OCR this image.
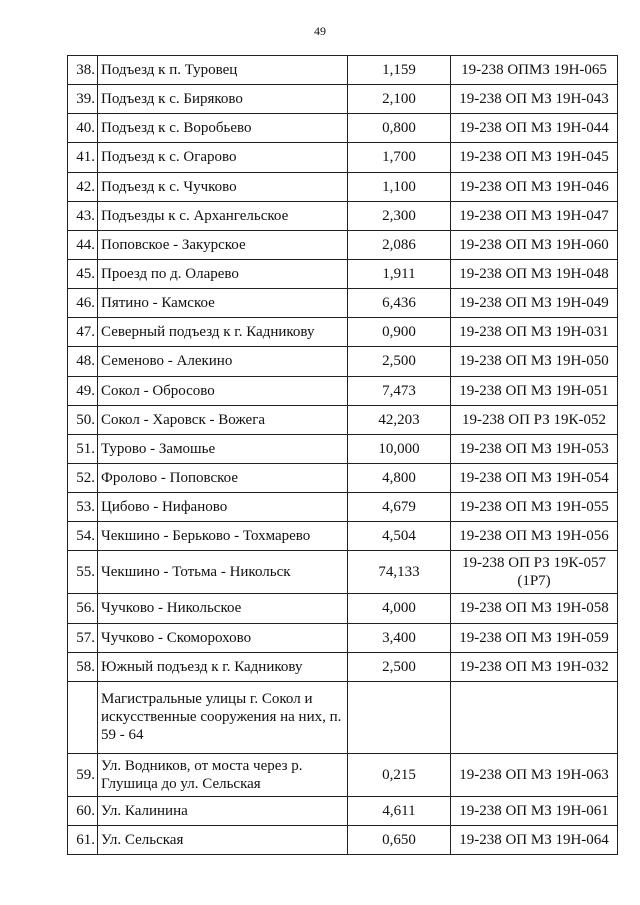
49
38.	Подъезд к п. Туровец	1,159	19-238 ОПМЗ 19Н-065
39.	Подъезд к с. Биряково	2,100	19-238 ОП МЗ 19Н-043
40.	Подъезд к с. Воробьево	0,800	19-238 ОП МЗ 19Н-044
41.	Подъезд к с. Огарово	1,700	19-238 ОП МЗ 19Н-045
42.	Подъезд к с. Чучково	1,100	19-238 ОП МЗ 19Н-046
43.	Подъезды к с. Архангельское	2,300	19-238 ОП МЗ 19Н-047
44.	Поповское - Закурское	2,086	19-238 ОП МЗ 19Н-060
45.	Проезд по д. Оларево	1,911	19-238 ОП МЗ 19Н-048
46.	Пятино - Камское	6,436	19-238 ОП МЗ 19Н-049
47.	Северный подъезд к г. Кадникову	0,900	19-238 ОП МЗ 19Н-031
48.	Семеново - Алекино	2,500	19-238 ОП МЗ 19Н-050
49.	Сокол - Обросово	7,473	19-238 ОП МЗ 19Н-051
50.	Сокол - Харовск - Вожега	42,203	19-238 ОП РЗ 19К-052
51.	Турово - Замошье	10,000	19-238 ОП МЗ 19Н-053
52.	Фролово - Поповское	4,800	19-238 ОП МЗ 19Н-054
53.	Цибово - Нифаново	4,679	19-238 ОП МЗ 19Н-055
54.	Чекшино - Берьково - Тохмарево	4,504	19-238 ОП МЗ 19Н-056
55.	Чекшино - Тотьма - Никольск	74,133	19-238 ОП РЗ 19К-057 (1Р7)
56.	Чучково - Никольское	4,000	19-238 ОП МЗ 19Н-058
57.	Чучково - Скоморохово	3,400	19-238 ОП МЗ 19Н-059
58.	Южный подъезд к г. Кадникову	2,500	19-238 ОП МЗ 19Н-032
	Магистральные улицы г. Сокол и искусственные сооружения на них, п. 59 - 64		
59.	Ул. Водников, от моста через р. Глушица до ул. Сельская	0,215	19-238 ОП МЗ 19Н-063
60.	Ул. Калинина	4,611	19-238 ОП МЗ 19Н-061
61.	Ул. Сельская	0,650	19-238 ОП МЗ 19Н-064
